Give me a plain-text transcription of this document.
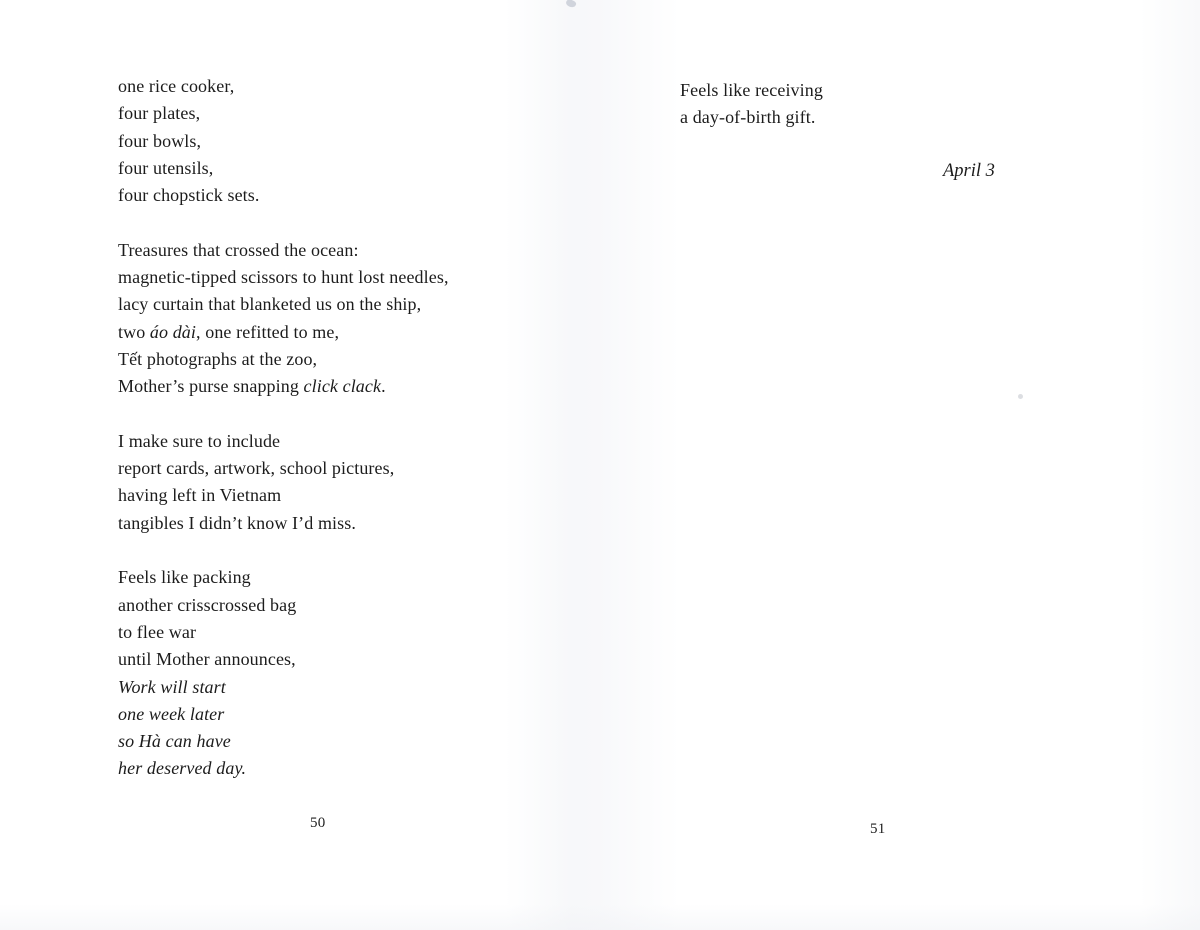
one rice cooker,
four plates,
four bowls,
four utensils,
four chopstick sets.
Treasures that crossed the ocean:
magnetic-tipped scissors to hunt lost needles,
lacy curtain that blanketed us on the ship,
two áo dài, one refitted to me,
Tết photographs at the zoo,
Mother’s purse snapping click clack.
I make sure to include
report cards, artwork, school pictures,
having left in Vietnam
tangibles I didn’t know I’d miss.
Feels like packing
another crisscrossed bag
to flee war
until Mother announces,
Work will start
one week later
so Hà can have
her deserved day.
50
Feels like receiving
a day-of-birth gift.
April 3
51
